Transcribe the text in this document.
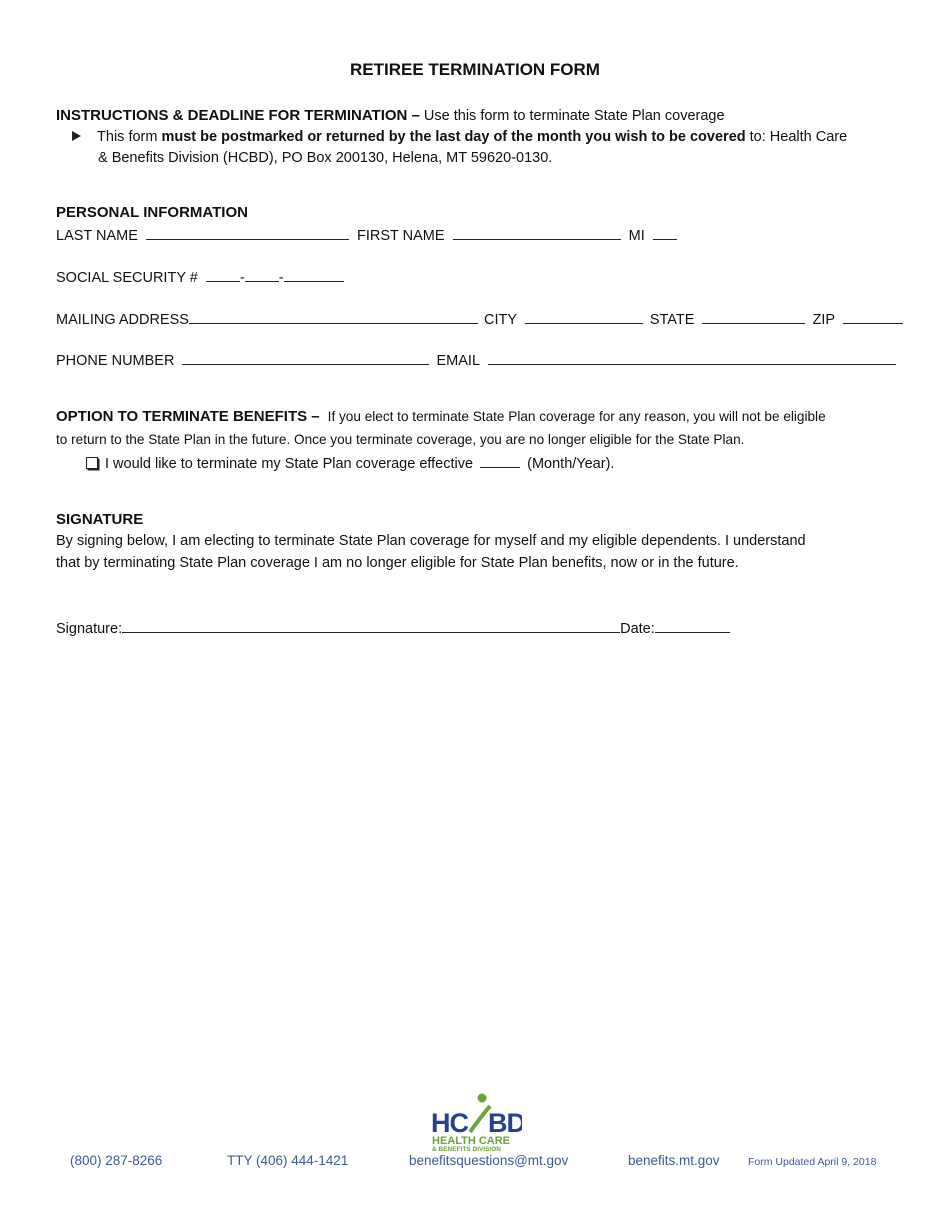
RETIREE TERMINATION FORM
INSTRUCTIONS & DEADLINE FOR TERMINATION – Use this form to terminate State Plan coverage
This form must be postmarked or returned by the last day of the month you wish to be covered to: Health Care
& Benefits Division (HCBD), PO Box 200130, Helena, MT 59620-0130.
PERSONAL INFORMATION
LAST NAME	FIRST NAME	MI
SOCIAL SECURITY #	- -
MAILING ADDRESS	CITY	STATE	ZIP
PHONE NUMBER	EMAIL
OPTION TO TERMINATE BENEFITS – If you elect to terminate State Plan coverage for any reason, you will not be eligible
to return to the State Plan in the future. Once you terminate coverage, you are no longer eligible for the State Plan.
I would like to terminate my State Plan coverage effective	(Month/Year).
SIGNATURE
By signing below, I am electing to terminate State Plan coverage for myself and my eligible dependents. I understand
that by terminating State Plan coverage I am no longer eligible for State Plan benefits, now or in the future.
Signature:	Date:
HC BD
HEALTH CARE
& BENEFITS DIVISION
(800) 287-8266	TTY (406) 444-1421	benefitsquestions@mt.gov	benefits.mt.gov	Form Updated April 9, 2018
